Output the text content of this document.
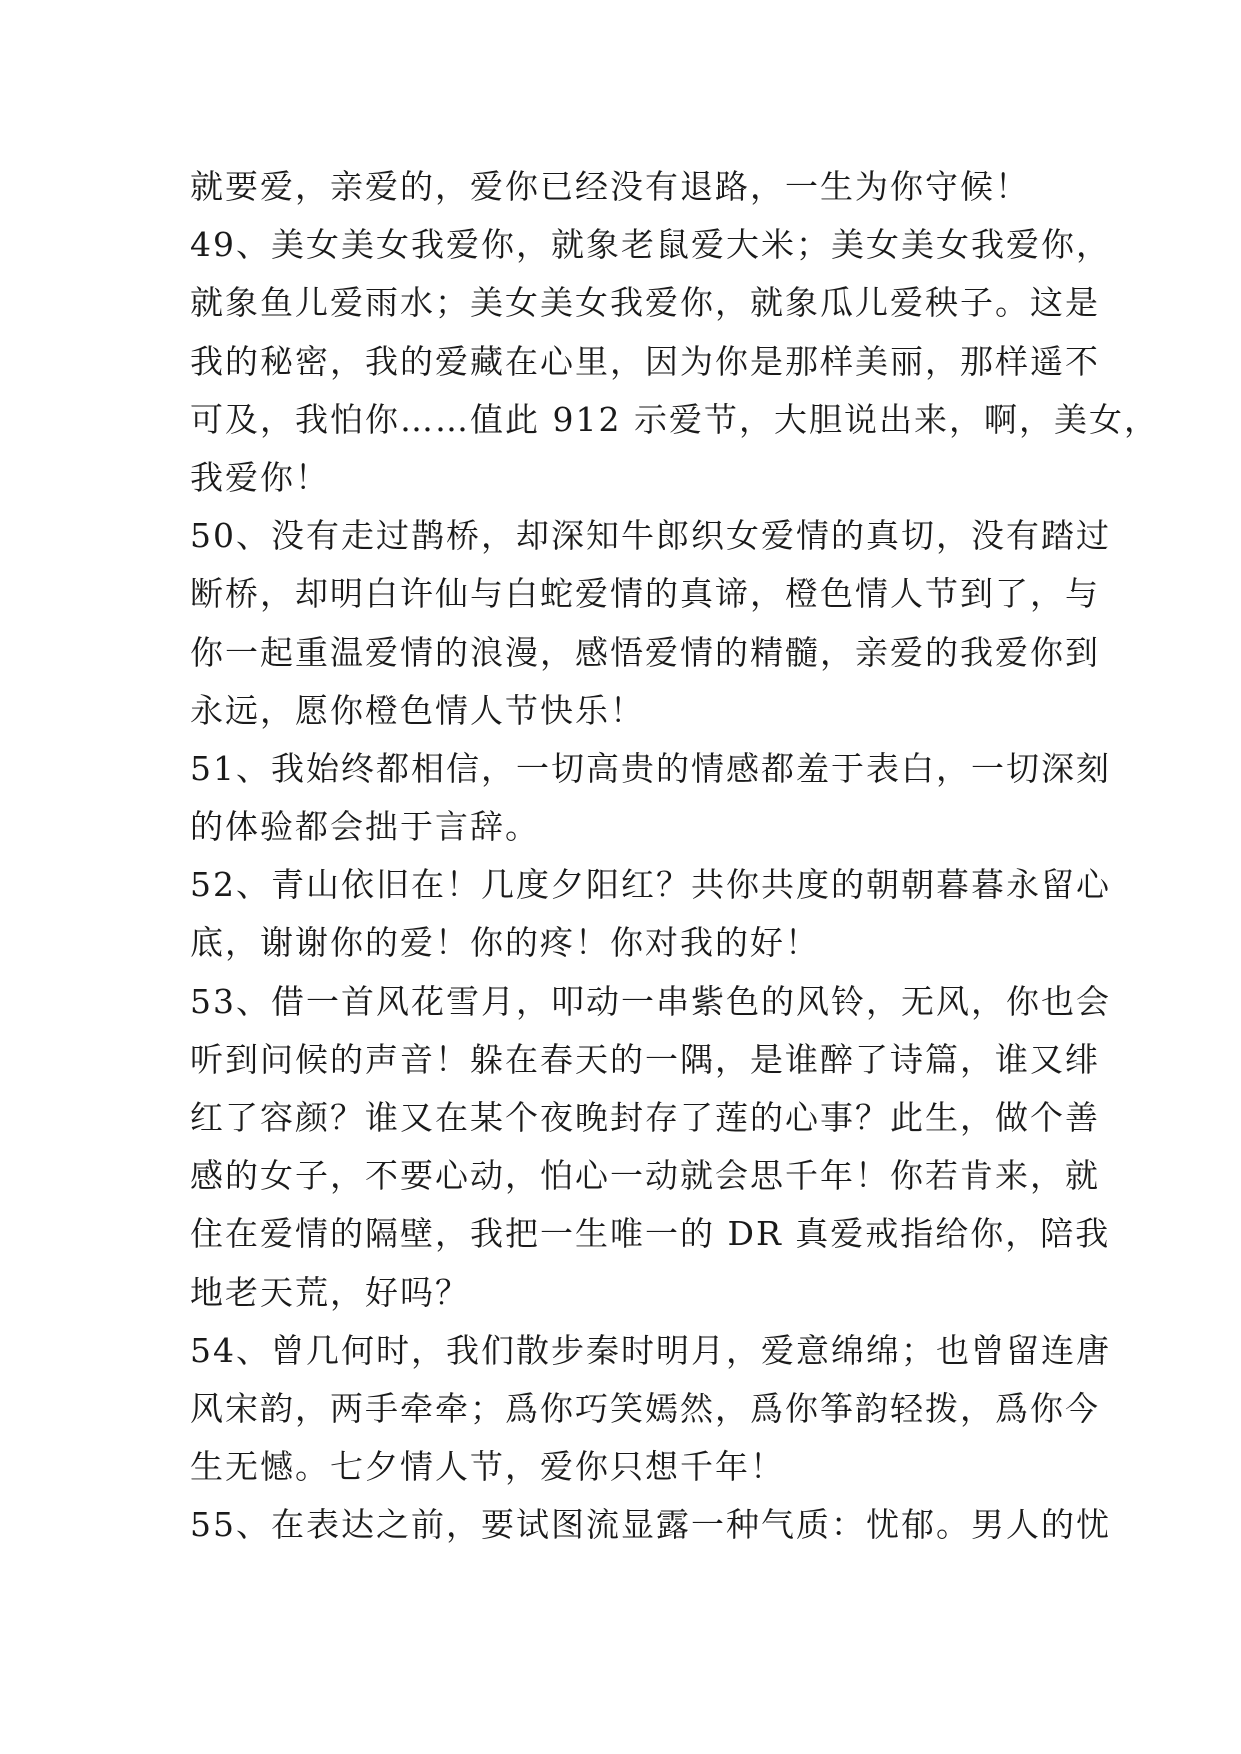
就要爱，亲爱的，爱你已经没有退路，一生为你守候！
49、美女美女我爱你，就象老鼠爱大米；美女美女我爱你，
就象鱼儿爱雨水；美女美女我爱你，就象瓜儿爱秧子。这是
我的秘密，我的爱藏在心里，因为你是那样美丽，那样遥不
可及，我怕你……值此 912 示爱节，大胆说出来，啊，美女，
我爱你！
50、没有走过鹊桥，却深知牛郎织女爱情的真切，没有踏过
断桥，却明白许仙与白蛇爱情的真谛，橙色情人节到了，与
你一起重温爱情的浪漫，感悟爱情的精髓，亲爱的我爱你到
永远，愿你橙色情人节快乐！
51、我始终都相信，一切高贵的情感都羞于表白，一切深刻
的体验都会拙于言辞。
52、青山依旧在！几度夕阳红？共你共度的朝朝暮暮永留心
底，谢谢你的爱！你的疼！你对我的好！
53、借一首风花雪月，叩动一串紫色的风铃，无风，你也会
听到问候的声音！躲在春天的一隅，是谁醉了诗篇，谁又绯
红了容颜？谁又在某个夜晚封存了莲的心事？此生，做个善
感的女子，不要心动，怕心一动就会思千年！你若肯来，就
住在爱情的隔壁，我把一生唯一的 DR 真爱戒指给你，陪我
地老天荒，好吗？
54、曾几何时，我们散步秦时明月，爱意绵绵；也曾留连唐
风宋韵，两手牵牵；爲你巧笑嫣然，爲你筝韵轻拨，爲你今
生无憾。七夕情人节，爱你只想千年！
55、在表达之前，要试图流显露一种气质：忧郁。男人的忧
